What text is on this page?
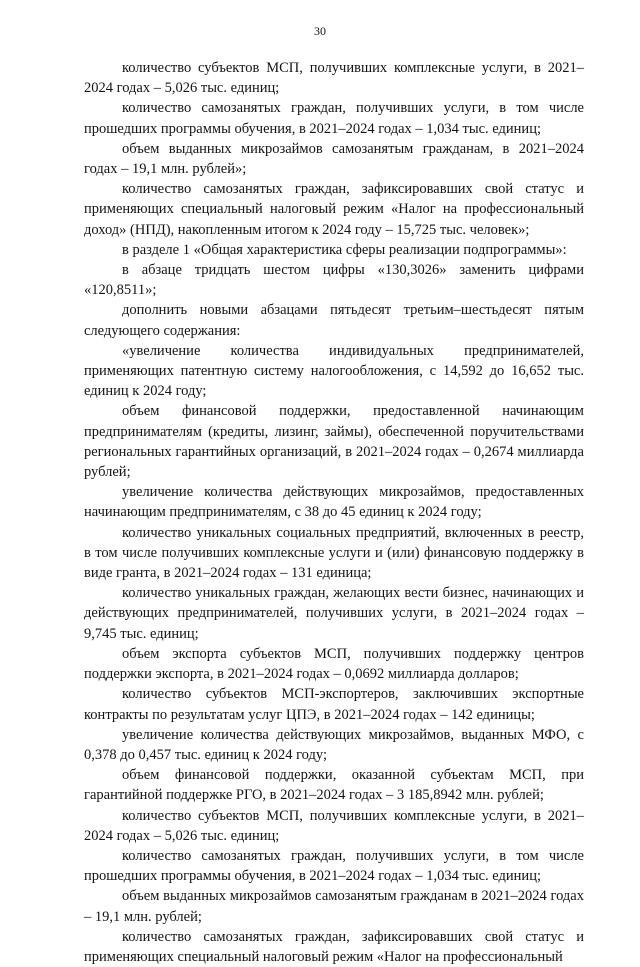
30

количество субъектов МСП, получивших комплексные услуги, в 2021–2024 годах – 5,026 тыс. единиц;

количество самозанятых граждан, получивших услуги, в том числе прошедших программы обучения, в 2021–2024 годах – 1,034 тыс. единиц;

объем выданных микрозаймов самозанятым гражданам, в 2021–2024 годах – 19,1 млн. рублей»;

количество самозанятых граждан, зафиксировавших свой статус и применяющих специальный налоговый режим «Налог на профессиональный доход» (НПД), накопленным итогом к 2024 году – 15,725 тыс. человек»;

в разделе 1 «Общая характеристика сферы реализации подпрограммы»:

в абзаце тридцать шестом цифры «130,3026» заменить цифрами «120,8511»;

дополнить новыми абзацами пятьдесят третьим–шестьдесят пятым следующего содержания:

«увеличение количества индивидуальных предпринимателей, применяющих патентную систему налогообложения, с 14,592 до 16,652 тыс. единиц к 2024 году;

объем финансовой поддержки, предоставленной начинающим предпринимателям (кредиты, лизинг, займы), обеспеченной поручительствами региональных гарантийных организаций, в 2021–2024 годах – 0,2674 миллиарда рублей;

увеличение количества действующих микрозаймов, предоставленных начинающим предпринимателям, с 38 до 45 единиц к 2024 году;

количество уникальных социальных предприятий, включенных в реестр, в том числе получивших комплексные услуги и (или) финансовую поддержку в виде гранта, в 2021–2024 годах – 131 единица;

количество уникальных граждан, желающих вести бизнес, начинающих и действующих предпринимателей, получивших услуги, в 2021–2024 годах – 9,745 тыс. единиц;

объем экспорта субъектов МСП, получивших поддержку центров поддержки экспорта, в 2021–2024 годах – 0,0692 миллиарда долларов;

количество субъектов МСП-экспортеров, заключивших экспортные контракты по результатам услуг ЦПЭ, в 2021–2024 годах – 142 единицы;

увеличение количества действующих микрозаймов, выданных МФО, с 0,378 до 0,457 тыс. единиц к 2024 году;

объем финансовой поддержки, оказанной субъектам МСП, при гарантийной поддержке РГО, в 2021–2024 годах – 3 185,8942 млн. рублей;

количество субъектов МСП, получивших комплексные услуги, в 2021–2024 годах – 5,026 тыс. единиц;

количество самозанятых граждан, получивших услуги, в том числе прошедших программы обучения, в 2021–2024 годах – 1,034 тыс. единиц;

объем выданных микрозаймов самозанятым гражданам в 2021–2024 годах – 19,1 млн. рублей;

количество самозанятых граждан, зафиксировавших свой статус и применяющих специальный налоговый режим «Налог на профессиональный
